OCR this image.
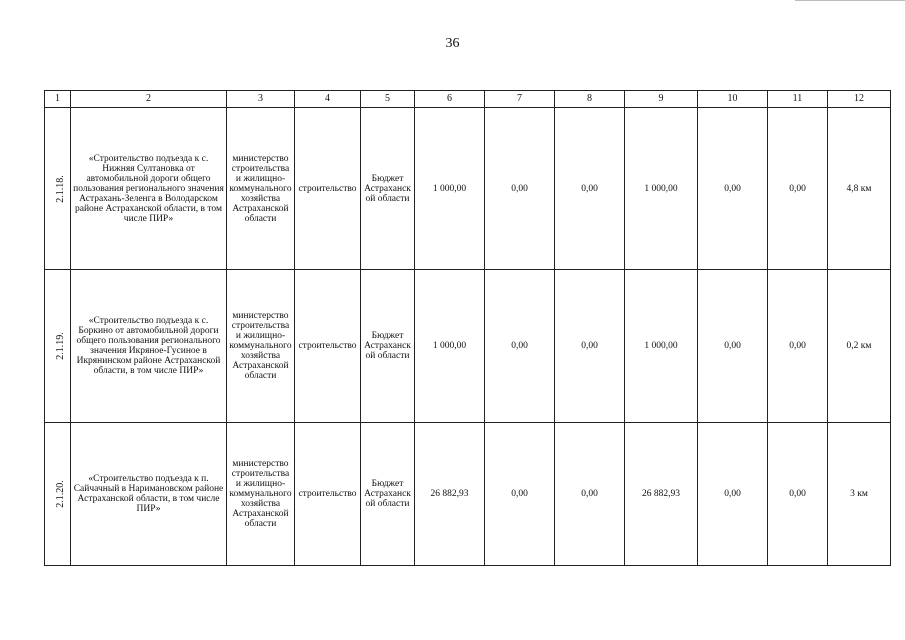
36
1	2	3	4	5	6	7	8	9	10	11	12
2.1.18.	«Строительство подъезда к с. Нижняя Султановка от автомобильной дороги общего пользования регионального значения Астрахань-Зеленга в Володарском районе Астраханской области, в том числе ПИР»	министерство строительства и жилищно-коммунального хозяйства Астраханской области	строительство	Бюджет Астраханской области	1 000,00	0,00	0,00	1 000,00	0,00	0,00	4,8 км
2.1.19.	«Строительство подъезда к с. Боркино от автомобильной дороги общего пользования регионального значения Икряное-Гусиное в Икрянинском районе Астраханской области, в том числе ПИР»	министерство строительства и жилищно-коммунального хозяйства Астраханской области	строительство	Бюджет Астраханской области	1 000,00	0,00	0,00	1 000,00	0,00	0,00	0,2 км
2.1.20.	«Строительство подъезда к п. Сайчачный в Наримановском районе Астраханской области, в том числе ПИР»	министерство строительства и жилищно-коммунального хозяйства Астраханской области	строительство	Бюджет Астраханской области	26 882,93	0,00	0,00	26 882,93	0,00	0,00	3 км
